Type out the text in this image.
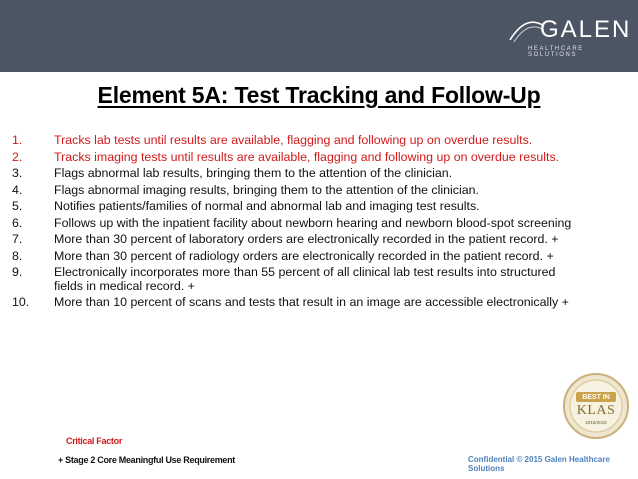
GALEN
HEALTHCARE SOLUTIONS
Element 5A: Test Tracking and Follow-Up
1.	Tracks lab tests until results are available, flagging and following up on overdue results.
2.	Tracks imaging tests until results are available, flagging and following up on overdue results.
3.	Flags abnormal lab results, bringing them to the attention of the clinician.
4.	Flags abnormal imaging results, bringing them to the attention of the clinician.
5.	Notifies patients/families of normal and abnormal lab and imaging test results.
6.	Follows up with the inpatient facility about newborn hearing and newborn blood-spot screening
7.	More than 30 percent of laboratory orders are electronically recorded in the patient record. +
8.	More than 30 percent of radiology orders are electronically recorded in the patient record. +
9.	Electronically incorporates more than 55 percent of all clinical lab test results into structured fields in medical record. +
10. More than 10 percent of scans and tests that result in an image are accessible electronically +
Critical Factor
+ Stage 2 Core Meaningful Use Requirement	Confidential © 2015 Galen Healthcare Solutions
BEST IN
KLAS
2015/2016
